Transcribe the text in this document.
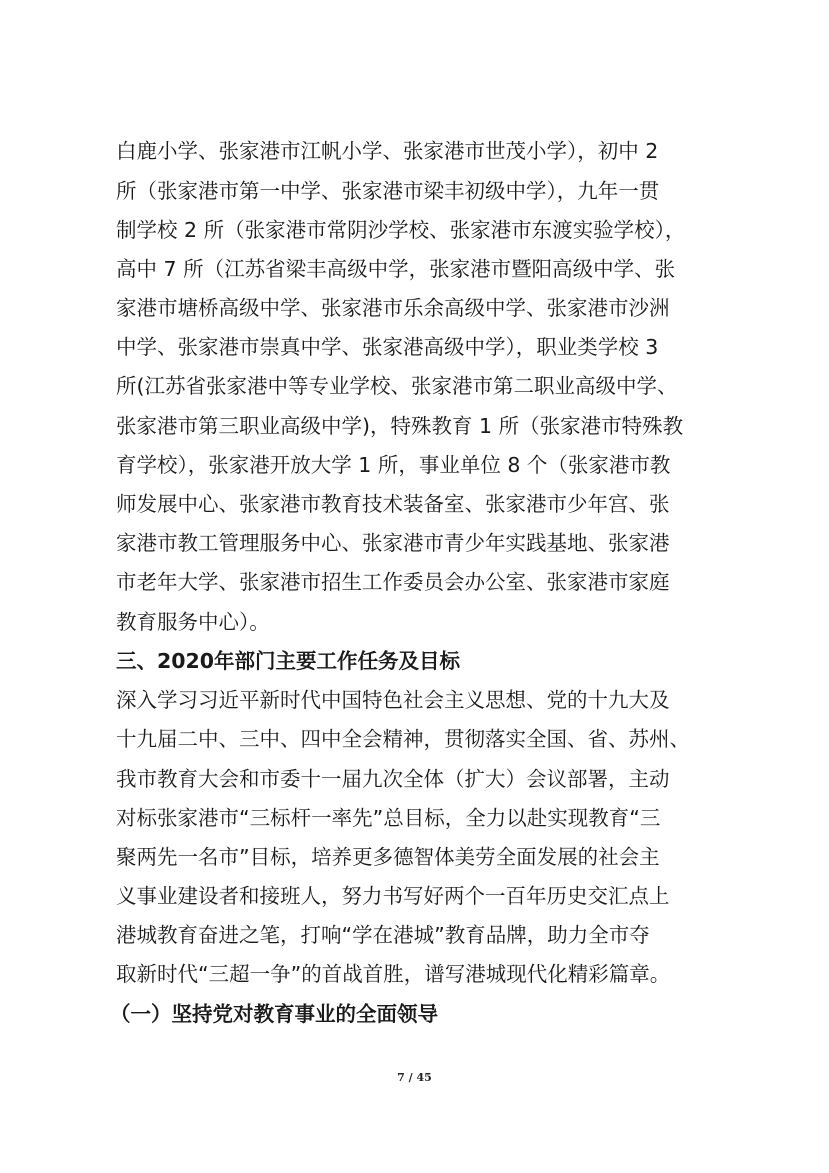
白鹿小学、张家港市江帆小学、张家港市世茂小学），初中 2
所（张家港市第一中学、张家港市梁丰初级中学），九年一贯
制学校 2 所（张家港市常阴沙学校、张家港市东渡实验学校），
高中 7 所（江苏省梁丰高级中学，张家港市暨阳高级中学、张
家港市塘桥高级中学、张家港市乐余高级中学、张家港市沙洲
中学、张家港市崇真中学、张家港高级中学），职业类学校 3
所(江苏省张家港中等专业学校、张家港市第二职业高级中学、
张家港市第三职业高级中学)，特殊教育 1 所（张家港市特殊教
育学校），张家港开放大学 1 所，事业单位 8 个（张家港市教
师发展中心、张家港市教育技术装备室、张家港市少年宫、张
家港市教工管理服务中心、张家港市青少年实践基地、张家港
市老年大学、张家港市招生工作委员会办公室、张家港市家庭
教育服务中心）。
三、2020年部门主要工作任务及目标
深入学习习近平新时代中国特色社会主义思想、党的十九大及
十九届二中、三中、四中全会精神，贯彻落实全国、省、苏州、
我市教育大会和市委十一届九次全体（扩大）会议部署，主动
对标张家港市“三标杆一率先”总目标，全力以赴实现教育“三
聚两先一名市”目标，培养更多德智体美劳全面发展的社会主
义事业建设者和接班人，努力书写好两个一百年历史交汇点上
港城教育奋进之笔，打响“学在港城”教育品牌，助力全市夺
取新时代“三超一争”的首战首胜，谱写港城现代化精彩篇章。
（一）坚持党对教育事业的全面领导
7 / 45
